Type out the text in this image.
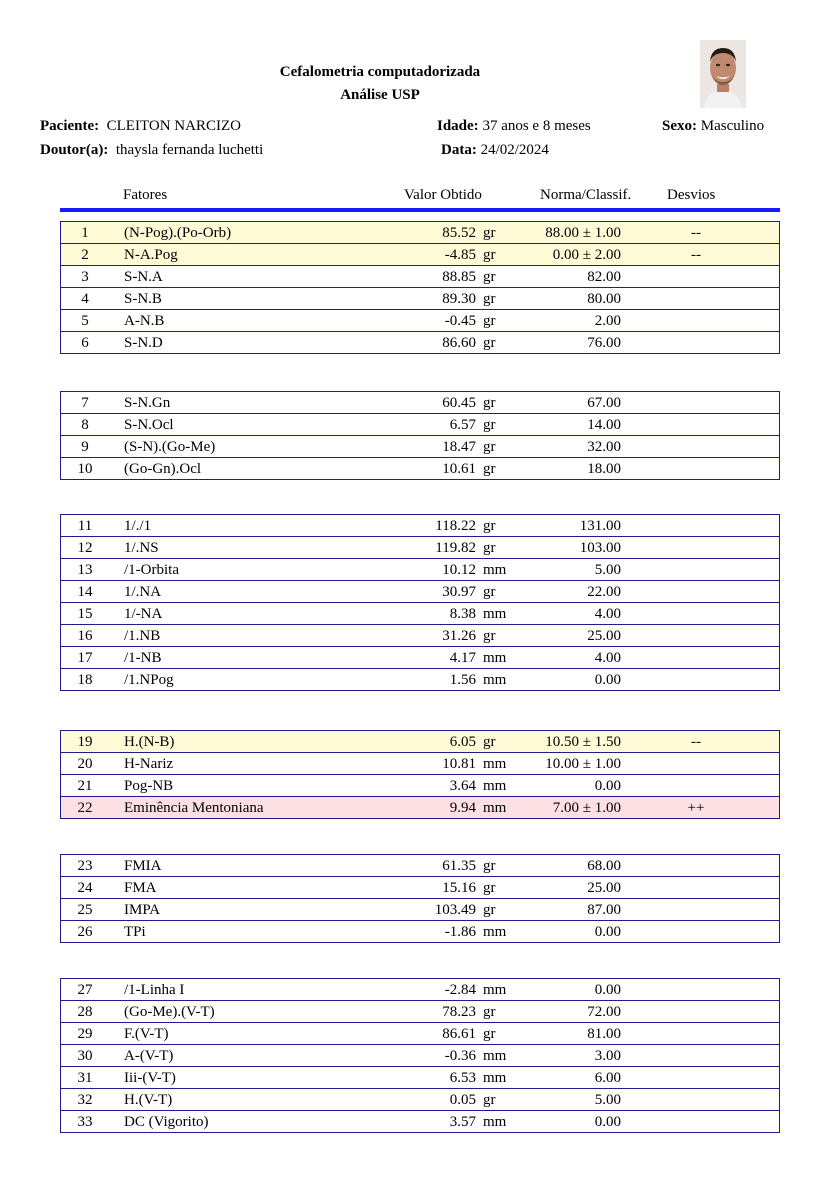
Cefalometria computadorizada
Análise USP
Paciente: CLEITON NARCIZO	Idade: 37 anos e 8 meses	Sexo: Masculino
Doutor(a): thaysla fernanda luchetti	Data: 24/02/2024
Fatores	Valor Obtido	Norma/Classif. Desvios
1	(N-Pog).(Po-Orb)	85.52 gr	88.00 ± 1.00	--
2	N-A.Pog	-4.85 gr	0.00 ± 2.00	--
3	S-N.A	88.85 gr	82.00
4	S-N.B	89.30 gr	80.00
5	A-N.B	-0.45 gr	2.00
6	S-N.D	86.60 gr	76.00
7	S-N.Gn	60.45 gr	67.00
8	S-N.Ocl	6.57 gr	14.00
9	(S-N).(Go-Me)	18.47 gr	32.00
10	(Go-Gn).Ocl	10.61 gr	18.00
11	1/./1	118.22 gr	131.00
12	1/.NS	119.82 gr	103.00
13	/1-Orbita	10.12 mm	5.00
14	1/.NA	30.97 gr	22.00
15	1/-NA	8.38 mm	4.00
16	/1.NB	31.26 gr	25.00
17	/1-NB	4.17 mm	4.00
18	/1.NPog	1.56 mm	0.00
19	H.(N-B)	6.05 gr	10.50 ± 1.50	--
20	H-Nariz	10.81 mm	10.00 ± 1.00
21	Pog-NB	3.64 mm	0.00
22	Eminência Mentoniana	9.94 mm	7.00 ± 1.00	++
23	FMIA	61.35 gr	68.00
24	FMA	15.16 gr	25.00
25	IMPA	103.49 gr	87.00
26	TPi	-1.86 mm	0.00
27	/1-Linha I	-2.84 mm	0.00
28	(Go-Me).(V-T)	78.23 gr	72.00
29	F.(V-T)	86.61 gr	81.00
30	A-(V-T)	-0.36 mm	3.00
31	Iii-(V-T)	6.53 mm	6.00
32	H.(V-T)	0.05 gr	5.00
33	DC (Vigorito)	3.57 mm	0.00
